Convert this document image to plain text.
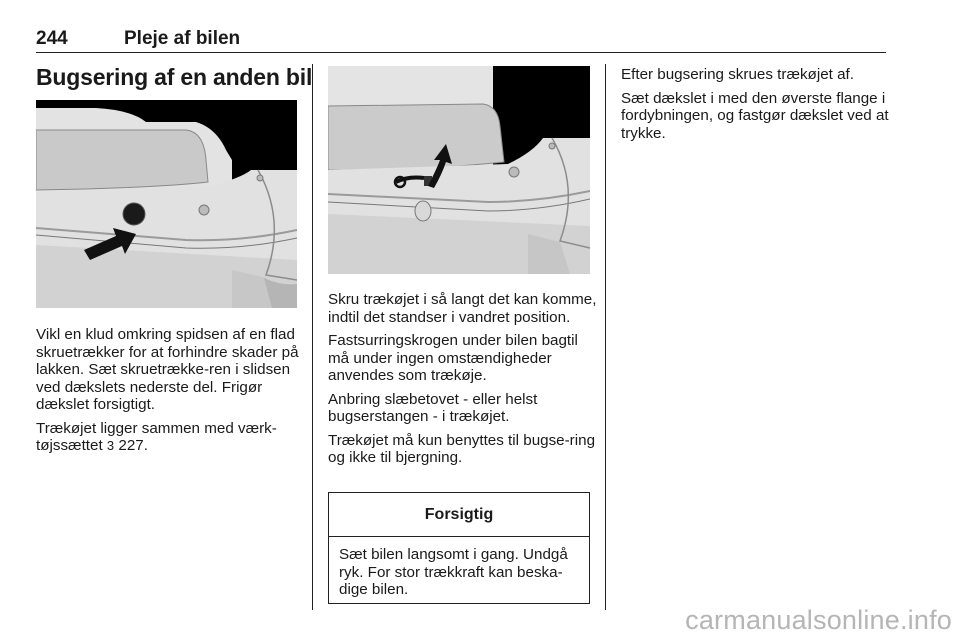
244	Pleje af bilen
Bugsering af en anden bil

Vikl en klud omkring spidsen af en flad skruetrækker for at forhindre skader på lakken. Sæt skruetrække-ren i slidsen ved dækslets nederste del. Frigør dækslet forsigtigt.

Trækøjet ligger sammen med værk-tøjssættet 3 227.

Skru trækøjet i så langt det kan komme, indtil det standser i vandret position.

Fastsurringskrogen under bilen bagtil må under ingen omstændigheder anvendes som trækøje.

Anbring slæbetovet - eller helst bugserstangen - i trækøjet.

Trækøjet må kun benyttes til bugse-ring og ikke til bjergning.

Forsigtig
Sæt bilen langsomt i gang. Undgå ryk. For stor trækkraft kan beska-dige bilen.

Efter bugsering skrues trækøjet af.

Sæt dækslet i med den øverste flange i fordybningen, og fastgør dækslet ved at trykke.

carmanualsonline.info
